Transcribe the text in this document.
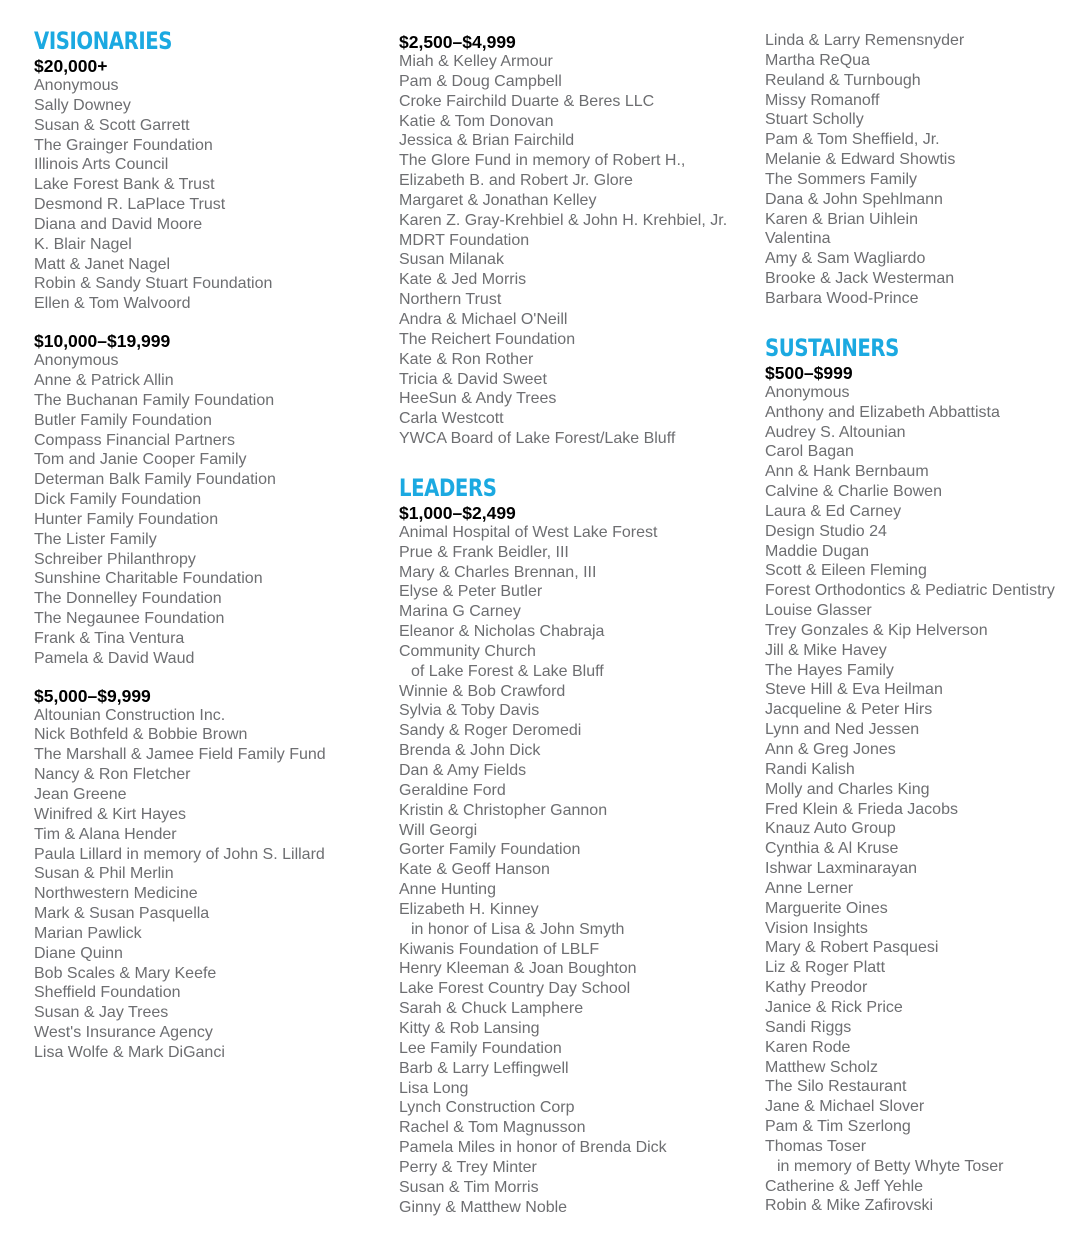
VISIONARIES
$20,000+
Anonymous
Sally Downey
Susan & Scott Garrett
The Grainger Foundation
Illinois Arts Council
Lake Forest Bank & Trust
Desmond R. LaPlace Trust
Diana and David Moore
K. Blair Nagel
Matt & Janet Nagel
Robin & Sandy Stuart Foundation
Ellen & Tom Walvoord
$10,000–$19,999
Anonymous
Anne & Patrick Allin
The Buchanan Family Foundation
Butler Family Foundation
Compass Financial Partners
Tom and Janie Cooper Family
Determan Balk Family Foundation
Dick Family Foundation
Hunter Family Foundation
The Lister Family
Schreiber Philanthropy
Sunshine Charitable Foundation
The Donnelley Foundation
The Negaunee Foundation
Frank & Tina Ventura
Pamela & David Waud
$5,000–$9,999
Altounian Construction Inc.
Nick Bothfeld & Bobbie Brown
The Marshall & Jamee Field Family Fund
Nancy & Ron Fletcher
Jean Greene
Winifred & Kirt Hayes
Tim & Alana Hender
Paula Lillard in memory of John S. Lillard
Susan & Phil Merlin
Northwestern Medicine
Mark & Susan Pasquella
Marian Pawlick
Diane Quinn
Bob Scales & Mary Keefe
Sheffield Foundation
Susan & Jay Trees
West's Insurance Agency
Lisa Wolfe & Mark DiGanci
$2,500–$4,999
Miah & Kelley Armour
Pam & Doug Campbell
Croke Fairchild Duarte & Beres LLC
Katie & Tom Donovan
Jessica & Brian Fairchild
The Glore Fund in memory of Robert H.,
Elizabeth B. and Robert Jr. Glore
Margaret & Jonathan Kelley
Karen Z. Gray-Krehbiel & John H. Krehbiel, Jr.
MDRT Foundation
Susan Milanak
Kate & Jed Morris
Northern Trust
Andra & Michael O'Neill
The Reichert Foundation
Kate & Ron Rother
Tricia & David Sweet
HeeSun & Andy Trees
Carla Westcott
YWCA Board of Lake Forest/Lake Bluff
LEADERS
$1,000–$2,499
Animal Hospital of West Lake Forest
Prue & Frank Beidler, III
Mary & Charles Brennan, III
Elyse & Peter Butler
Marina G Carney
Eleanor & Nicholas Chabraja
Community Church
of Lake Forest & Lake Bluff
Winnie & Bob Crawford
Sylvia & Toby Davis
Sandy & Roger Deromedi
Brenda & John Dick
Dan & Amy Fields
Geraldine Ford
Kristin & Christopher Gannon
Will Georgi
Gorter Family Foundation
Kate & Geoff Hanson
Anne Hunting
Elizabeth H. Kinney
in honor of Lisa & John Smyth
Kiwanis Foundation of LBLF
Henry Kleeman & Joan Boughton
Lake Forest Country Day School
Sarah & Chuck Lamphere
Kitty & Rob Lansing
Lee Family Foundation
Barb & Larry Leffingwell
Lisa Long
Lynch Construction Corp
Rachel & Tom Magnusson
Pamela Miles in honor of Brenda Dick
Perry & Trey Minter
Susan & Tim Morris
Ginny & Matthew Noble
Linda & Larry Remensnyder
Martha ReQua
Reuland & Turnbough
Missy Romanoff
Stuart Scholly
Pam & Tom Sheffield, Jr.
Melanie & Edward Showtis
The Sommers Family
Dana & John Spehlmann
Karen & Brian Uihlein
Valentina
Amy & Sam Wagliardo
Brooke & Jack Westerman
Barbara Wood-Prince
SUSTAINERS
$500–$999
Anonymous
Anthony and Elizabeth Abbattista
Audrey S. Altounian
Carol Bagan
Ann & Hank Bernbaum
Calvine & Charlie Bowen
Laura & Ed Carney
Design Studio 24
Maddie Dugan
Scott & Eileen Fleming
Forest Orthodontics & Pediatric Dentistry
Louise Glasser
Trey Gonzales & Kip Helverson
Jill & Mike Havey
The Hayes Family
Steve Hill & Eva Heilman
Jacqueline & Peter Hirs
Lynn and Ned Jessen
Ann & Greg Jones
Randi Kalish
Molly and Charles King
Fred Klein & Frieda Jacobs
Knauz Auto Group
Cynthia & Al Kruse
Ishwar Laxminarayan
Anne Lerner
Marguerite Oines
Vision Insights
Mary & Robert Pasquesi
Liz & Roger Platt
Kathy Preodor
Janice & Rick Price
Sandi Riggs
Karen Rode
Matthew Scholz
The Silo Restaurant
Jane & Michael Slover
Pam & Tim Szerlong
Thomas Toser
in memory of Betty Whyte Toser
Catherine & Jeff Yehle
Robin & Mike Zafirovski
